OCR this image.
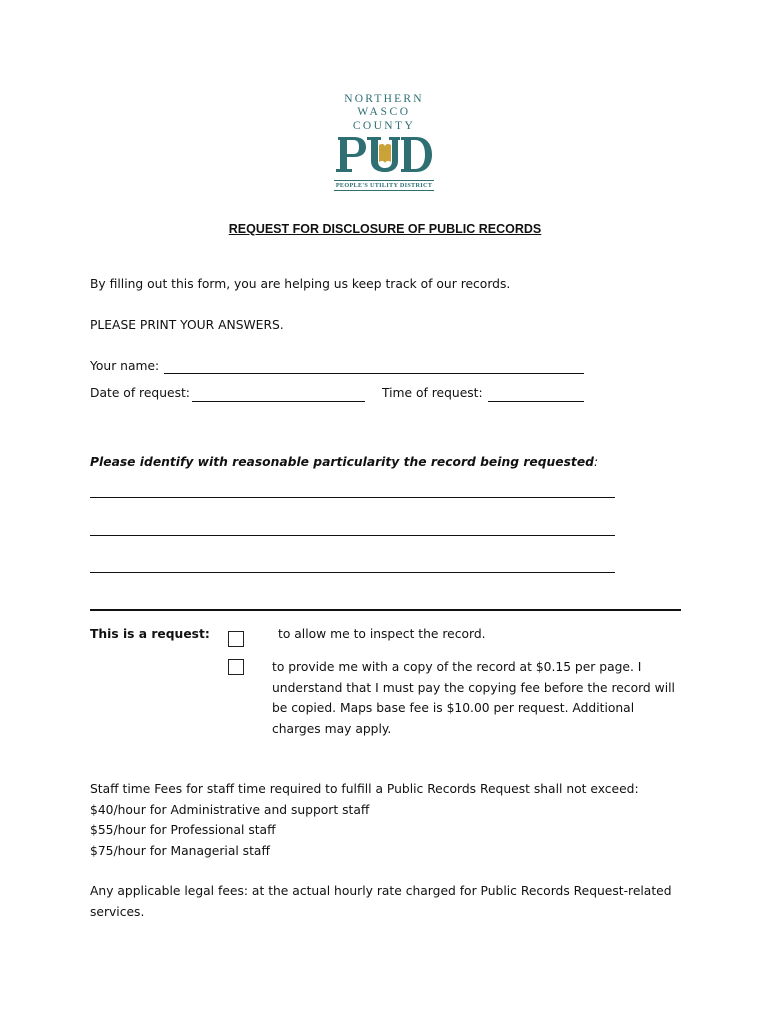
NORTHERN
WASCO
COUNTY
PEOPLE'S UTILITY DISTRICT
REQUEST FOR DISCLOSURE OF PUBLIC RECORDS
By filling out this form, you are helping us keep track of our records.
PLEASE PRINT YOUR ANSWERS.
Your name:
Date of request:	Time of request:
Please identify with reasonable particularity the record being requested:
This is a request:	to allow me to inspect the record.
to provide me with a copy of the record at $0.15 per page. I
understand that I must pay the copying fee before the record will
be copied. Maps base fee is $10.00 per request. Additional
charges may apply.
Staff time Fees for staff time required to fulfill a Public Records Request shall not exceed:
$40/hour for Administrative and support staff
$55/hour for Professional staff
$75/hour for Managerial staff
Any applicable legal fees: at the actual hourly rate charged for Public Records Request-related
services.
